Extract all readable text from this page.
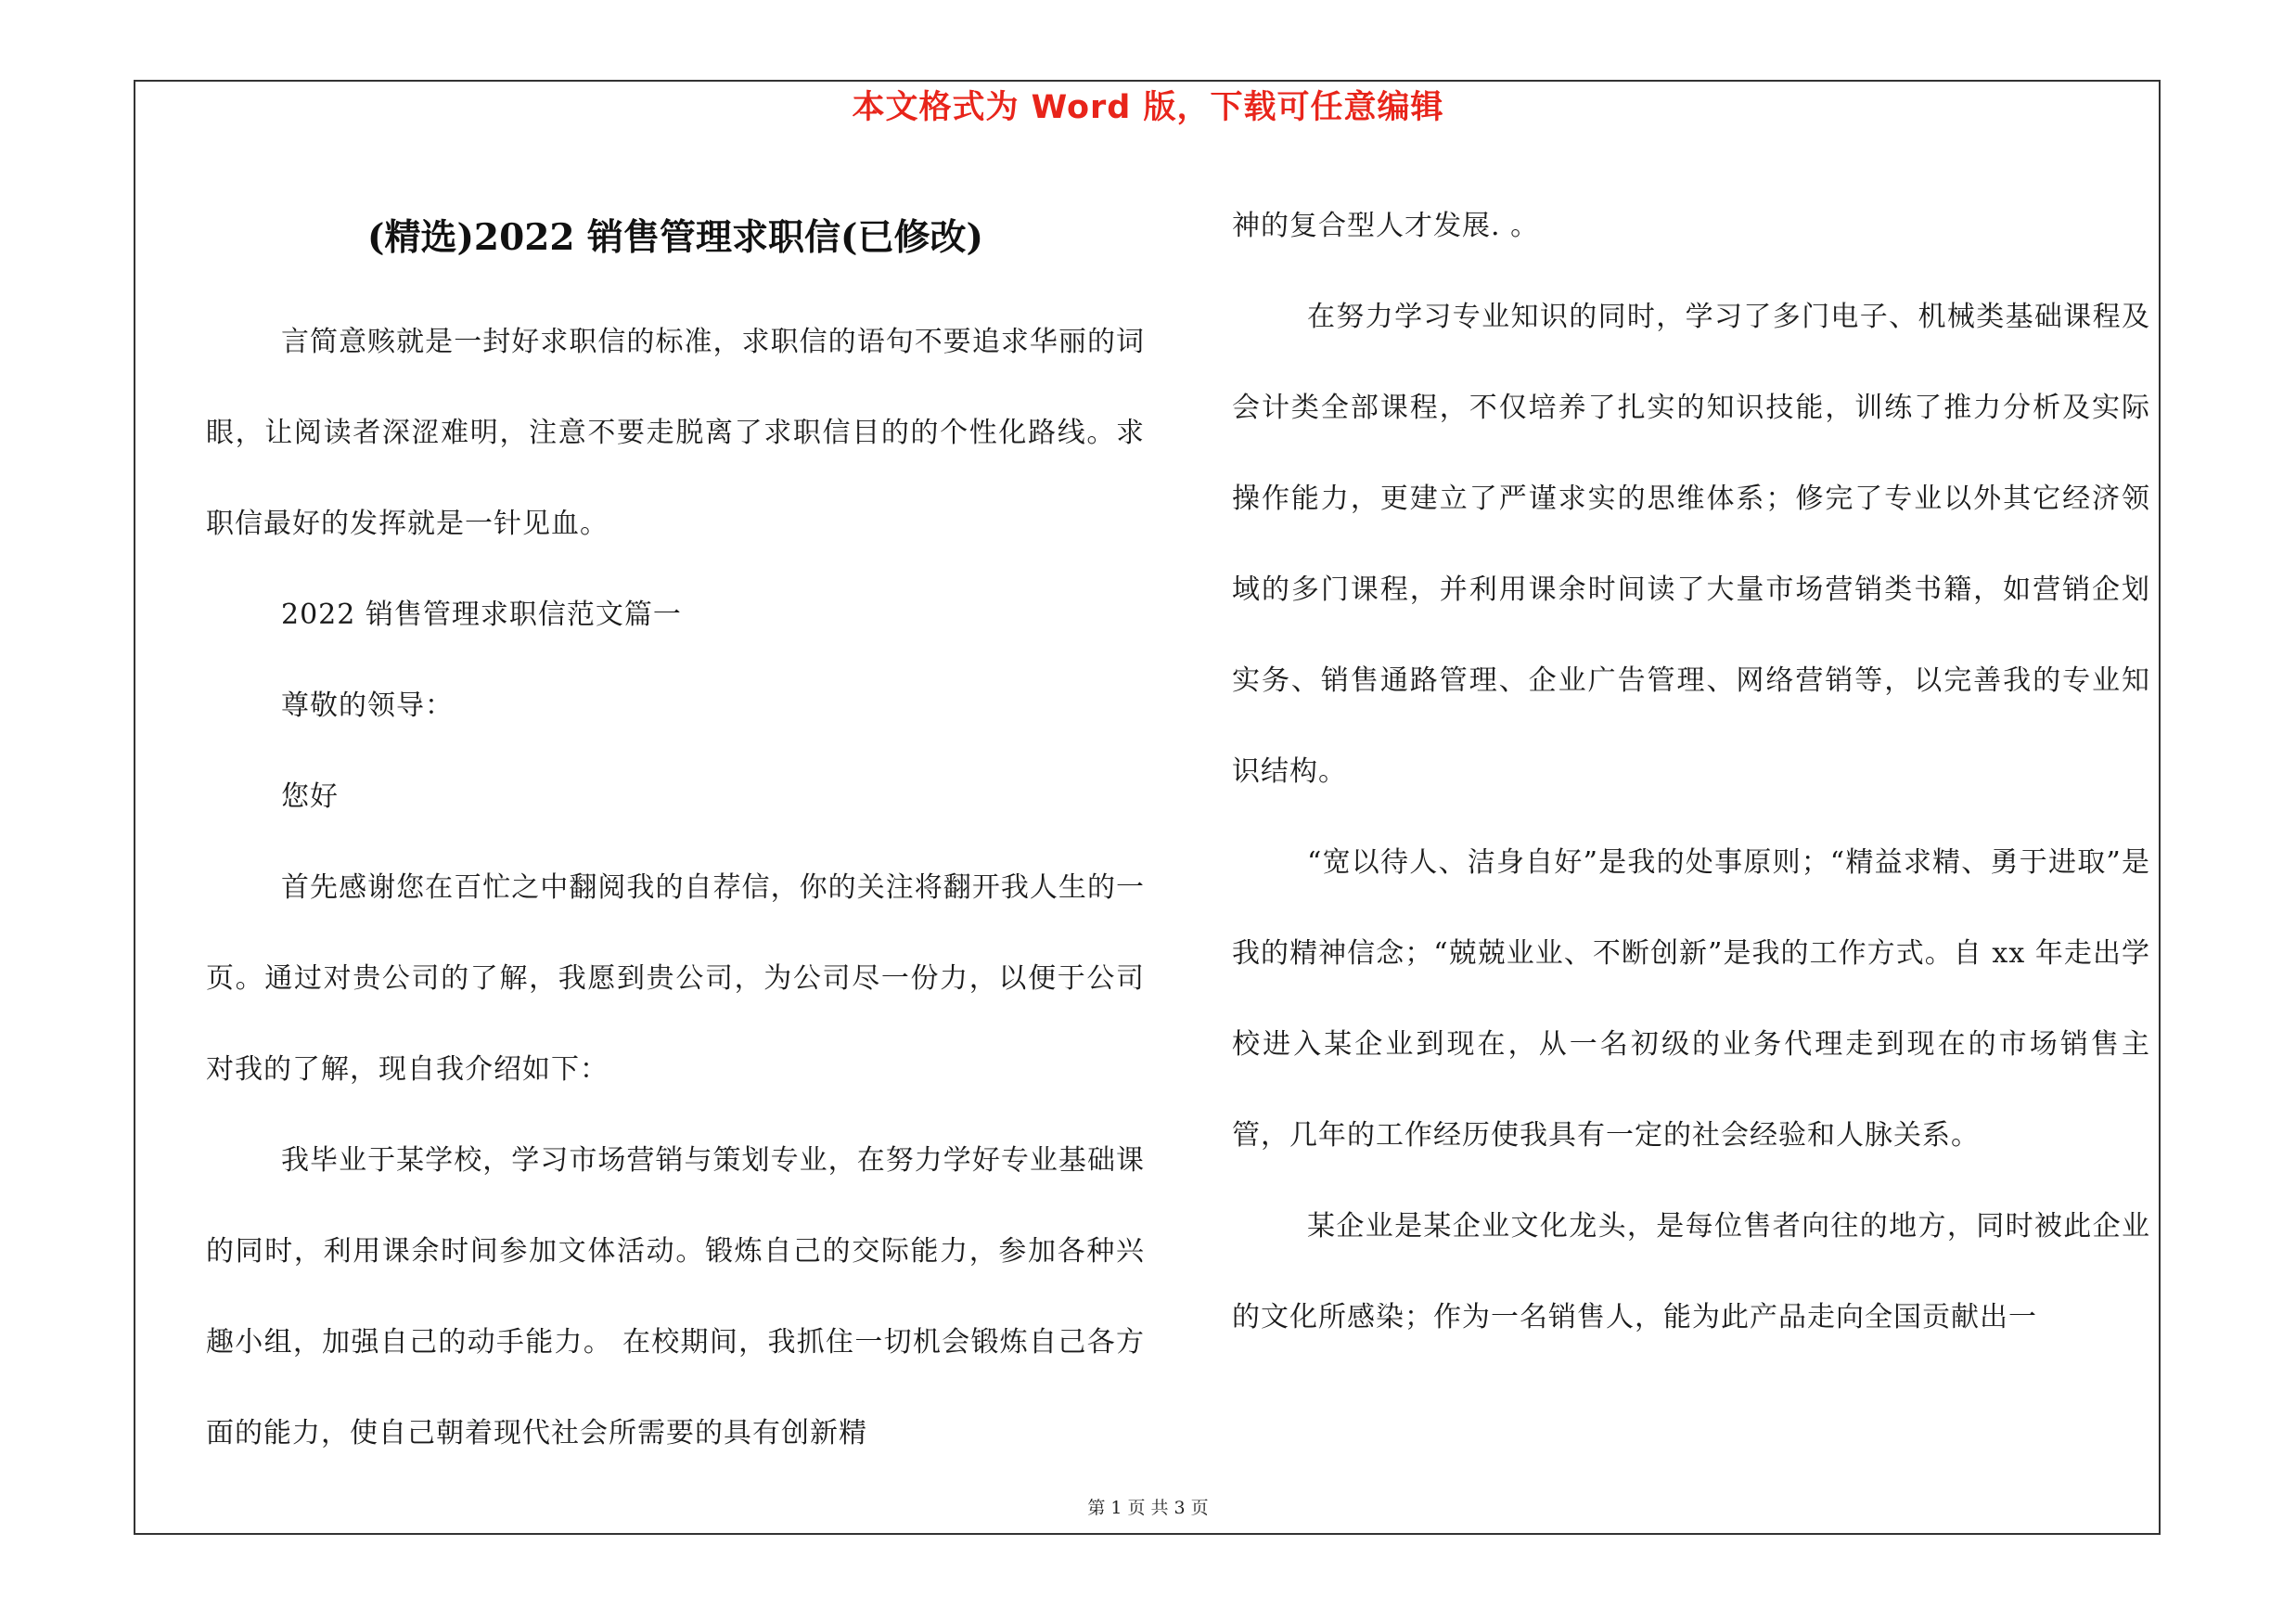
本文格式为 Word 版，下载可任意编辑
(精选)2022 销售管理求职信(已修改)

言简意赅就是一封好求职信的标准，求职信的语句不要追求华丽的词眼，让阅读者深涩难明，注意不要走脱离了求职信目的的个性化路线。求职信最好的发挥就是一针见血。

2022 销售管理求职信范文篇一

尊敬的领导：

您好

首先感谢您在百忙之中翻阅我的自荐信，你的关注将翻开我人生的一页。通过对贵公司的了解，我愿到贵公司，为公司尽一份力，以便于公司对我的了解，现自我介绍如下：

我毕业于某学校，学习市场营销与策划专业，在努力学好专业基础课的同时，利用课余时间参加文体活动。锻炼自己的交际能力，参加各种兴趣小组，加强自己的动手能力。 在校期间，我抓住一切机会锻炼自己各方面的能力，使自己朝着现代社会所需要的具有创新精

神的复合型人才发展. 。

在努力学习专业知识的同时，学习了多门电子、机械类基础课程及会计类全部课程，不仅培养了扎实的知识技能，训练了推力分析及实际操作能力，更建立了严谨求实的思维体系；修完了专业以外其它经济领域的多门课程，并利用课余时间读了大量市场营销类书籍，如营销企划实务、销售通路管理、企业广告管理、网络营销等，以完善我的专业知识结构。

“宽以待人、洁身自好”是我的处事原则；“精益求精、勇于进取”是我的精神信念；“兢兢业业、不断创新”是我的工作方式。自 xx 年走出学校进入某企业到现在，从一名初级的业务代理走到现在的市场销售主管，几年的工作经历使我具有一定的社会经验和人脉关系。

某企业是某企业文化龙头，是每位售者向往的地方，同时被此企业的文化所感染；作为一名销售人，能为此产品走向全国贡献出一

第 1 页 共 3 页
